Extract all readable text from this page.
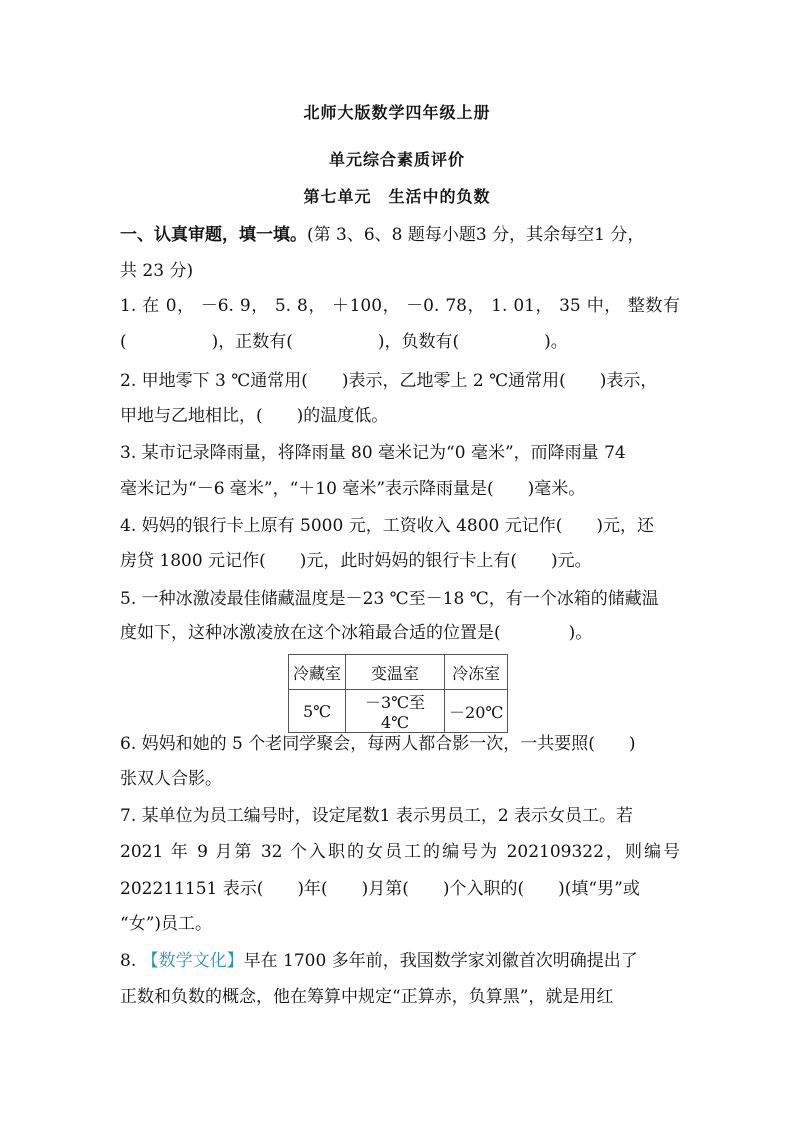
北师大版数学四年级上册
单元综合素质评价
第七单元　生活中的负数
一、认真审题，填一填。(第 3、6、8 题每小题3 分，其余每空1 分，
共 23 分)
1. 在 0， －6. 9， 5. 8， ＋100， －0. 78， 1. 01， 35 中， 整数有
(　　　　　)，正数有(　　　　　)，负数有(　　　　　)。
2. 甲地零下 3 ℃通常用(　　)表示，乙地零上 2 ℃通常用(　　)表示，
甲地与乙地相比，(　　)的温度低。
3. 某市记录降雨量，将降雨量 80 毫米记为“0 毫米”，而降雨量 74
毫米记为“－6 毫米”，“＋10 毫米”表示降雨量是(　　)毫米。
4. 妈妈的银行卡上原有 5000 元，工资收入 4800 元记作(　　)元，还
房贷 1800 元记作(　　)元，此时妈妈的银行卡上有(　　)元。
5. 一种冰激凌最佳储藏温度是－23 ℃至－18 ℃，有一个冰箱的储藏温
度如下，这种冰激凌放在这个冰箱最合适的位置是(　　　　)。
冷藏室	变温室	冷冻室
5℃	－3℃至 4℃	－20℃
6. 妈妈和她的 5 个老同学聚会，每两人都合影一次，一共要照(　　)
张双人合影。
7. 某单位为员工编号时，设定尾数1 表示男员工，2 表示女员工。若
2021 年 9 月第 32 个入职的女员工的编号为 202109322，则编号
202211151 表示(　　)年(　　)月第(　　)个入职的(　　)(填“男”或
“女”)员工。
8. 【数学文化】早在 1700 多年前，我国数学家刘徽首次明确提出了
正数和负数的概念，他在筹算中规定“正算赤，负算黑”，就是用红
